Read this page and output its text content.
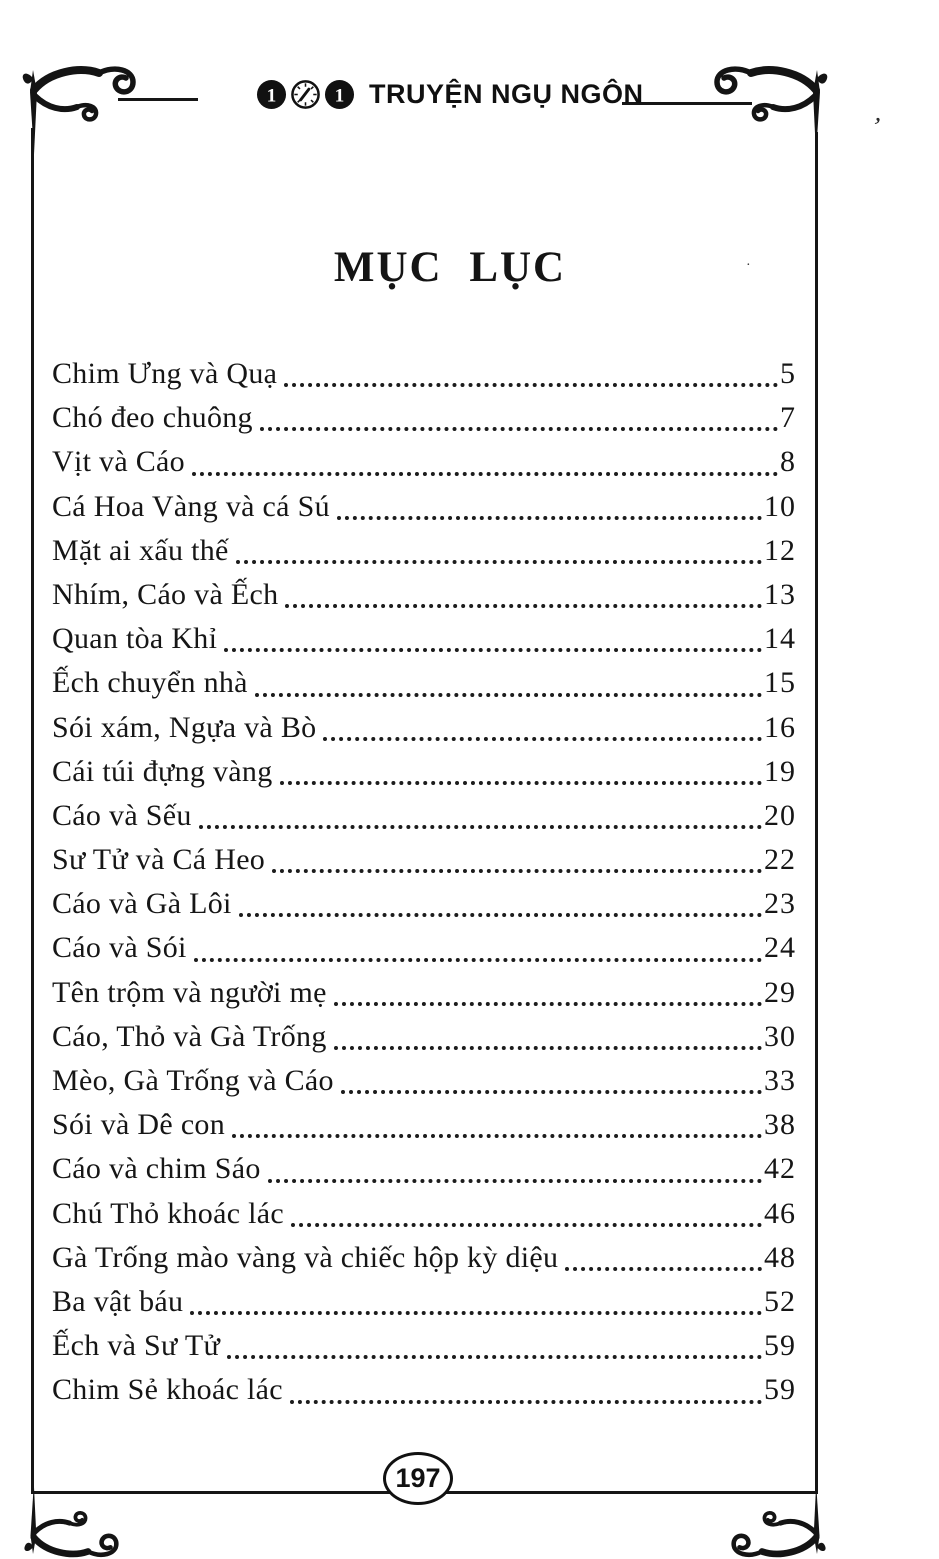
1	1 TRUYỆN NGỤ NGÔN
’
·
MỤC LỤC
Chim Ưng và Quạ	5
Chó đeo chuông	7
Vịt và Cáo	8
Cá Hoa Vàng và cá Sú	10
Mặt ai xấu thế	12
Nhím, Cáo và Ếch	13
Quan tòa Khỉ	14
Ếch chuyển nhà	15
Sói xám, Ngựa và Bò	16
Cái túi đựng vàng	19
Cáo và Sếu	20
Sư Tử và Cá Heo	22
Cáo và Gà Lôi	23
Cáo và Sói	24
Tên trộm và người mẹ	29
Cáo, Thỏ và Gà Trống	30
Mèo, Gà Trống và Cáo	33
Sói và Dê con	38
Cáo và chim Sáo	42
Chú Thỏ khoác lác	46
Gà Trống mào vàng và chiếc hộp kỳ diệu	48
Ba vật báu	52
Ếch và Sư Tử	59
Chim Sẻ khoác lác	59
197
